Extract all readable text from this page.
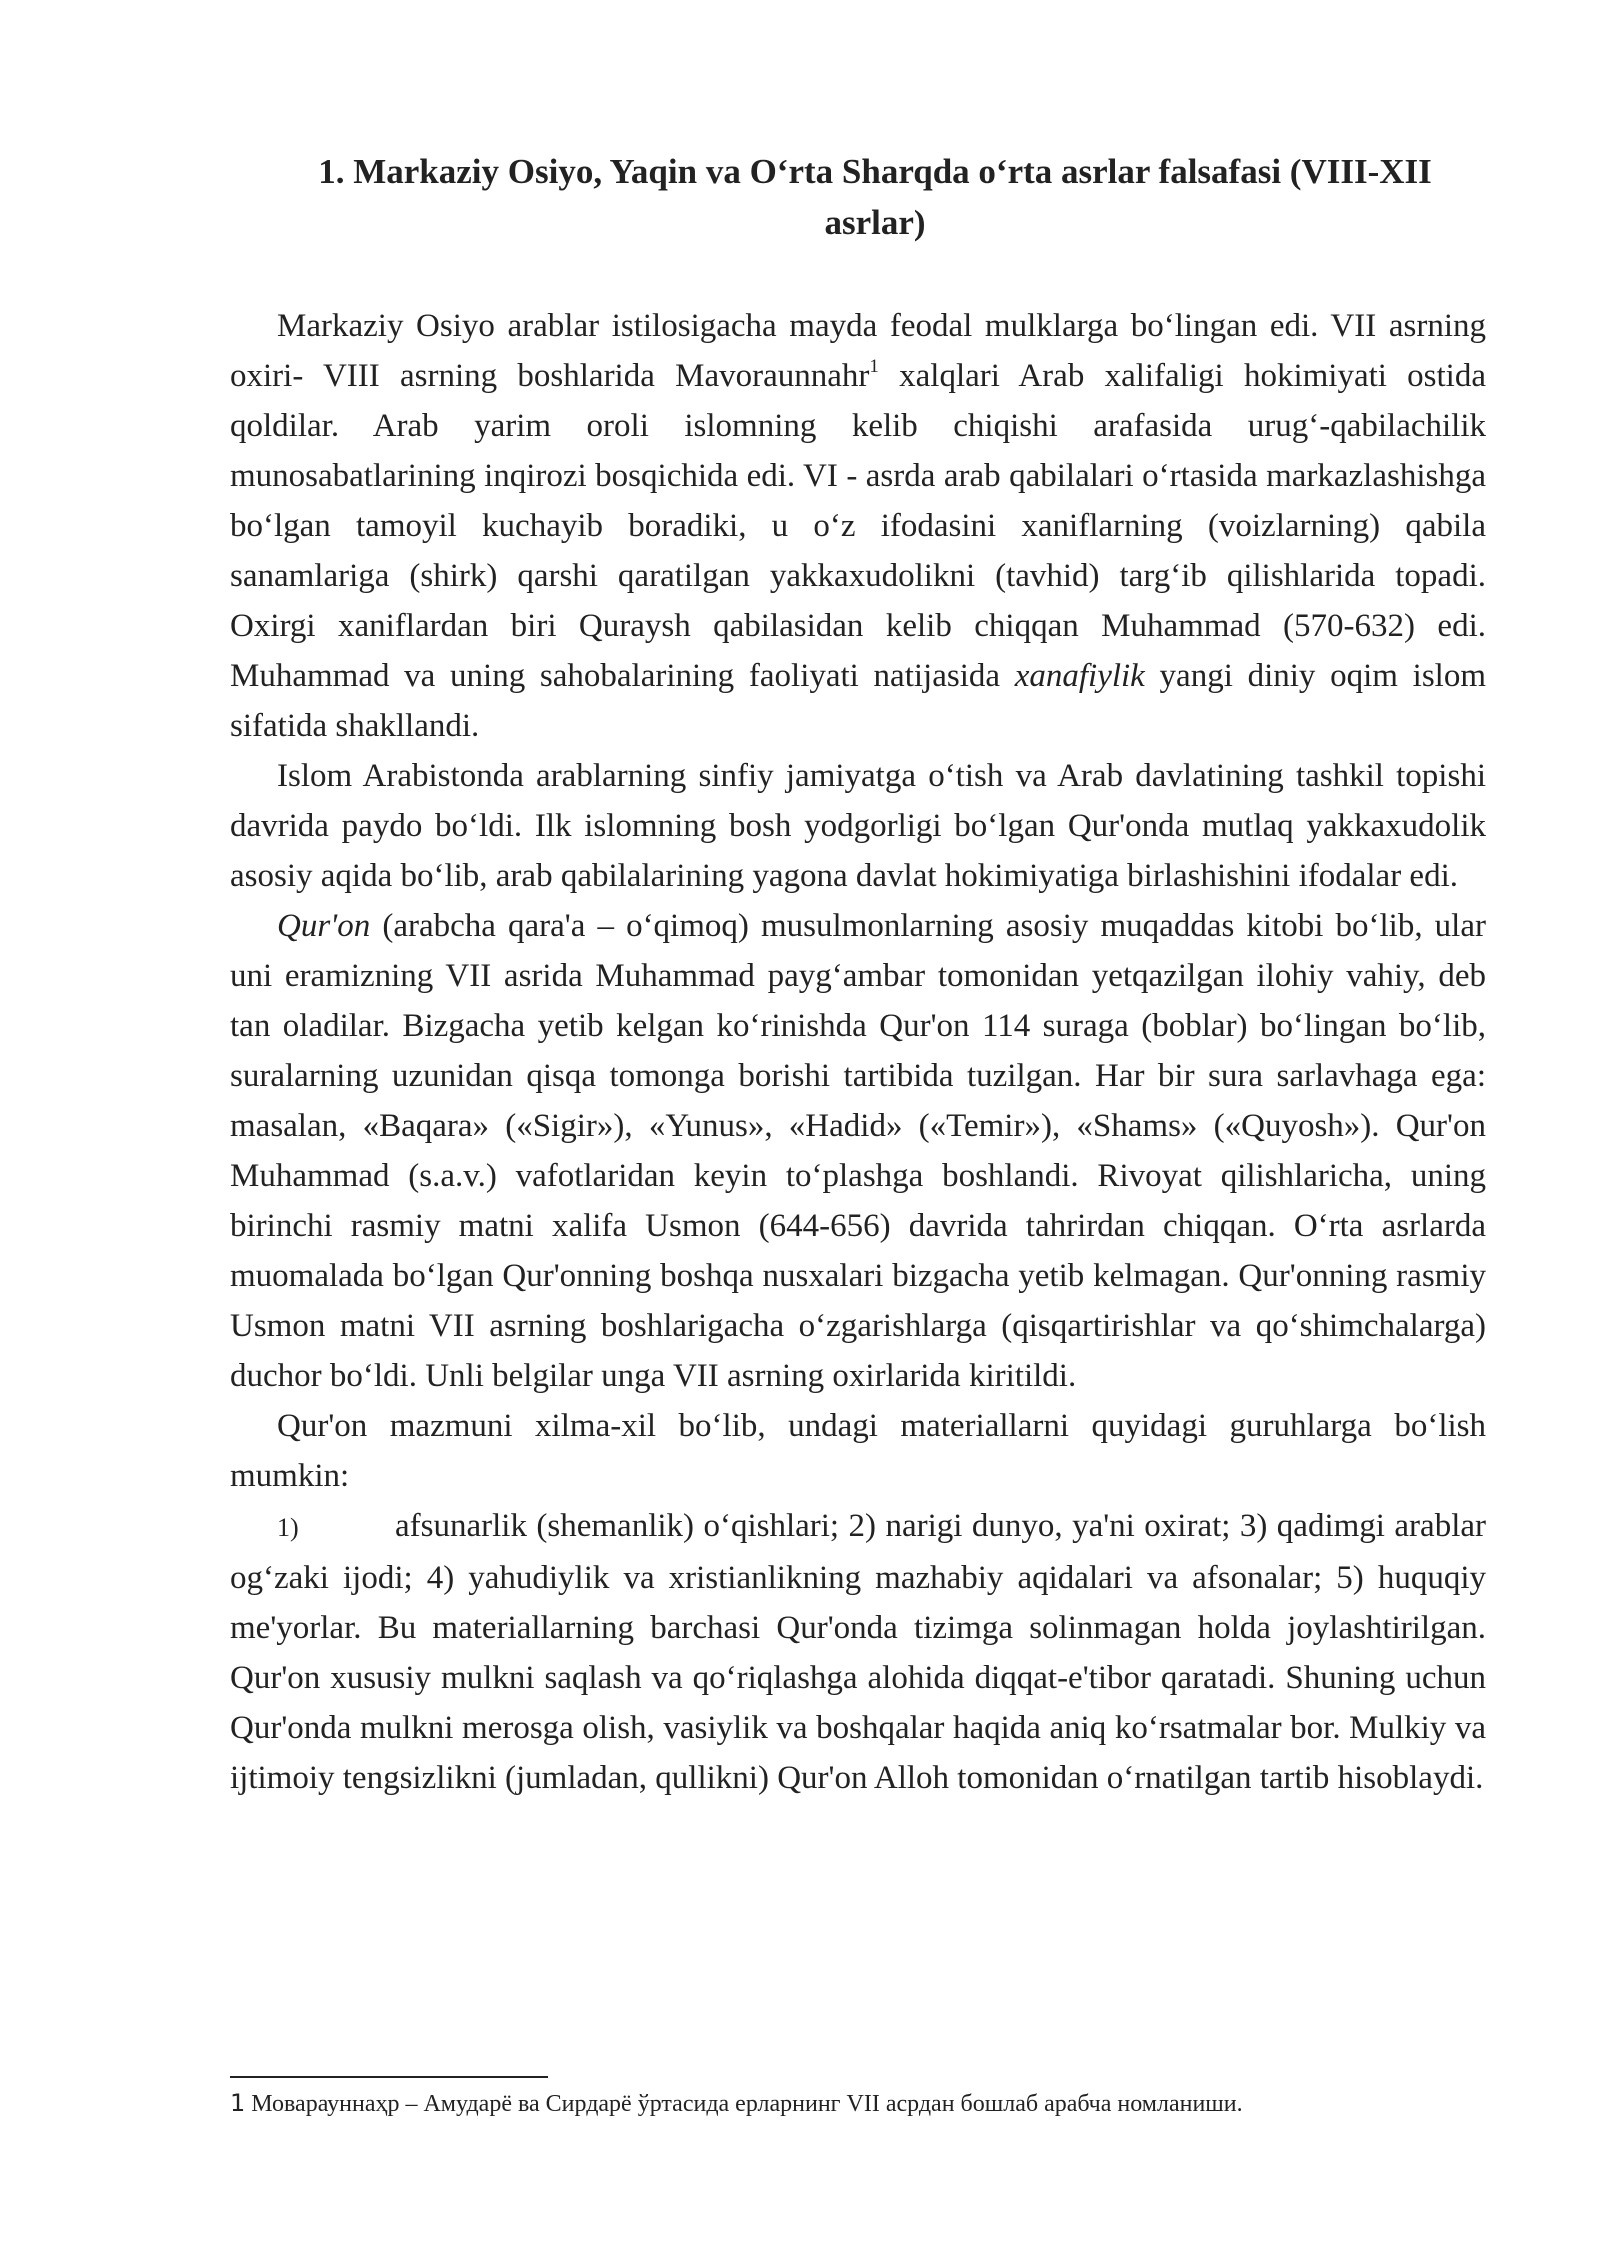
1. Markaziy Osiyo, Yaqin va O‘rta Sharqda o‘rta asrlar falsafasi (VIII-XII asrlar)

Markaziy Osiyo arablar istilosigacha mayda feodal mulklarga bo‘lingan edi. VII asrning oxiri- VIII asrning boshlarida Mavoraunnahr$^1$ xalqlari Arab xalifaligi hokimiyati ostida qoldilar. Arab yarim oroli islomning kelib chiqishi arafasida urug‘-qabilachilik munosabatlarining inqirozi bosqichida edi. VI - asrda arab qabilalari o‘rtasida markazlashishga bo‘lgan tamoyil kuchayib boradiki, u o‘z ifodasini xaniflarning (voizlarning) qabila sanamlariga (shirk) qarshi qaratilgan yakkaxudolikni (tavhid) targ‘ib qilishlarida topadi. Oxirgi xaniflardan biri Quraysh qabilasidan kelib chiqqan Muhammad (570-632) edi. Muhammad va uning sahobalarining faoliyati natijasida xanafiylik yangi diniy oqim islom sifatida shakllandi.

Islom Arabistonda arablarning sinfiy jamiyatga o‘tish va Arab davlatining tashkil topishi davrida paydo bo‘ldi. Ilk islomning bosh yodgorligi bo‘lgan Qur'onda mutlaq yakkaxudolik asosiy aqida bo‘lib, arab qabilalarining yagona davlat hokimiyatiga birlashishini ifodalar edi.

Qur'on (arabcha qara'a – o‘qimoq) musulmonlarning asosiy muqaddas kitobi bo‘lib, ular uni eramizning VII asrida Muhammad payg‘ambar tomonidan yetqazilgan ilohiy vahiy, deb tan oladilar. Bizgacha yetib kelgan ko‘rinishda Qur'on 114 suraga (boblar) bo‘lingan bo‘lib, suralarning uzunidan qisqa tomonga borishi tartibida tuzilgan. Har bir sura sarlavhaga ega: masalan, «Baqara» («Sigir»), «Yunus», «Hadid» («Temir»), «Shams» («Quyosh»). Qur'on Muhammad (s.a.v.) vafotlaridan keyin to‘plashga boshlandi. Rivoyat qilishlaricha, uning birinchi rasmiy matni xalifa Usmon (644-656) davrida tahrirdan chiqqan. O‘rta asrlarda muomalada bo‘lgan Qur'onning boshqa nusxalari bizgacha yetib kelmagan. Qur'onning rasmiy Usmon matni VII asrning boshlarigacha o‘zgarishlarga (qisqartirishlar va qo‘shimchalarga) duchor bo‘ldi. Unli belgilar unga VII asrning oxirlarida kiritildi.

Qur'on mazmuni xilma-xil bo‘lib, undagi materiallarni quyidagi guruhlarga bo‘lish mumkin:

1)	afsunarlik (shemanlik) o‘qishlari; 2) narigi dunyo, ya'ni oxirat; 3) qadimgi arablar og‘zaki ijodi; 4) yahudiylik va xristianlikning mazhabiy aqidalari va afsonalar; 5) huquqiy me'yorlar. Bu materiallarning barchasi Qur'onda tizimga solinmagan holda joylashtirilgan. Qur'on xususiy mulkni saqlash va qo‘riqlashga alohida diqqat-e'tibor qaratadi. Shuning uchun Qur'onda mulkni merosga olish, vasiylik va boshqalar haqida aniq ko‘rsatmalar bor. Mulkiy va ijtimoiy tengsizlikni (jumladan, qullikni) Qur'on Alloh tomonidan o‘rnatilgan tartib hisoblaydi.

1 Моварауннаҳр – Амударё ва Сирдарё ўртасида ерларнинг VII асрдан бошлаб арабча номланиши.
